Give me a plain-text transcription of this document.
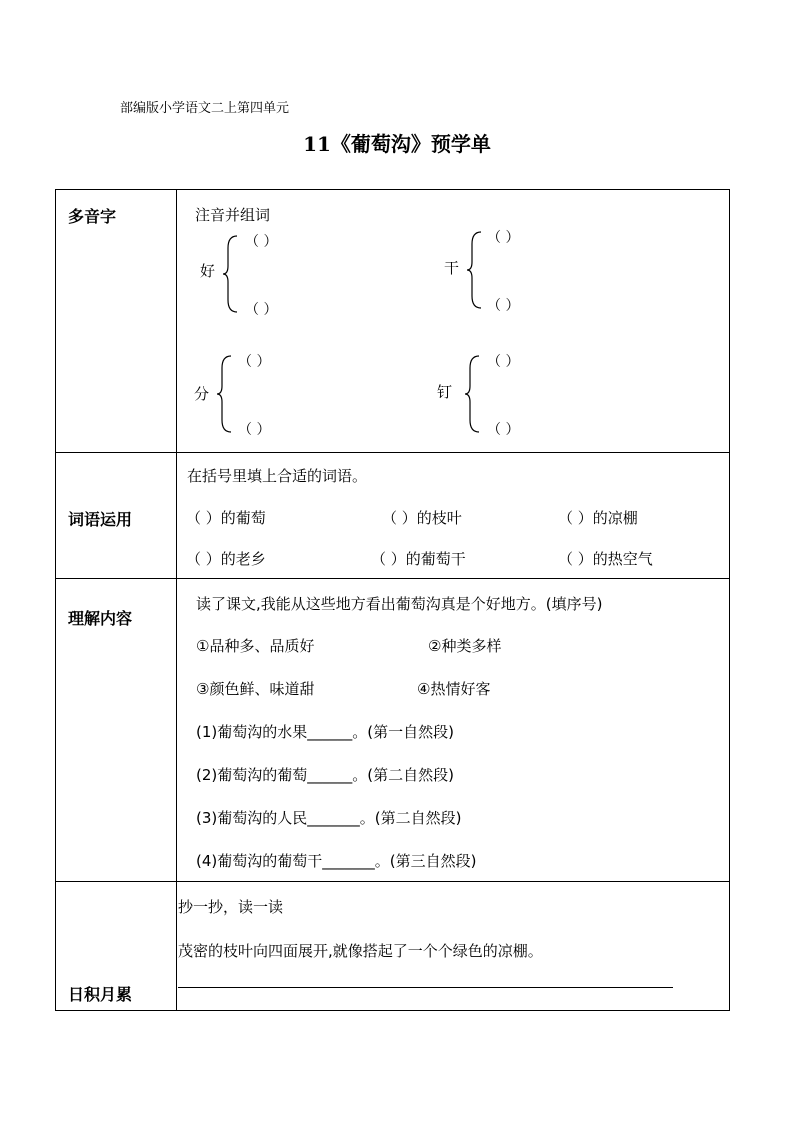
部编版小学语文二上第四单元
11《葡萄沟》预学单
多音字	注音并组词
好
（ ）
（ ）
干
（ ）
（ ）
分
（ ）
（ ）
钉
（ ）
（ ）
词语运用
在括号里填上合适的词语。
（ ）的葡萄	（ ）的枝叶	（ ）的凉棚
（ ）的老乡	（ ）的葡萄干	（ ）的热空气
理解内容
读了课文,我能从这些地方看出葡萄沟真是个好地方。(填序号)
①品种多、品质好	②种类多样
③颜色鲜、味道甜	④热情好客
(1)葡萄沟的水果______。(第一自然段)
(2)葡萄沟的葡萄______。(第二自然段)
(3)葡萄沟的人民_______。(第二自然段)
(4)葡萄沟的葡萄干_______。(第三自然段)
日积月累
抄一抄，读一读
茂密的枝叶向四面展开,就像搭起了一个个绿色的凉棚。
